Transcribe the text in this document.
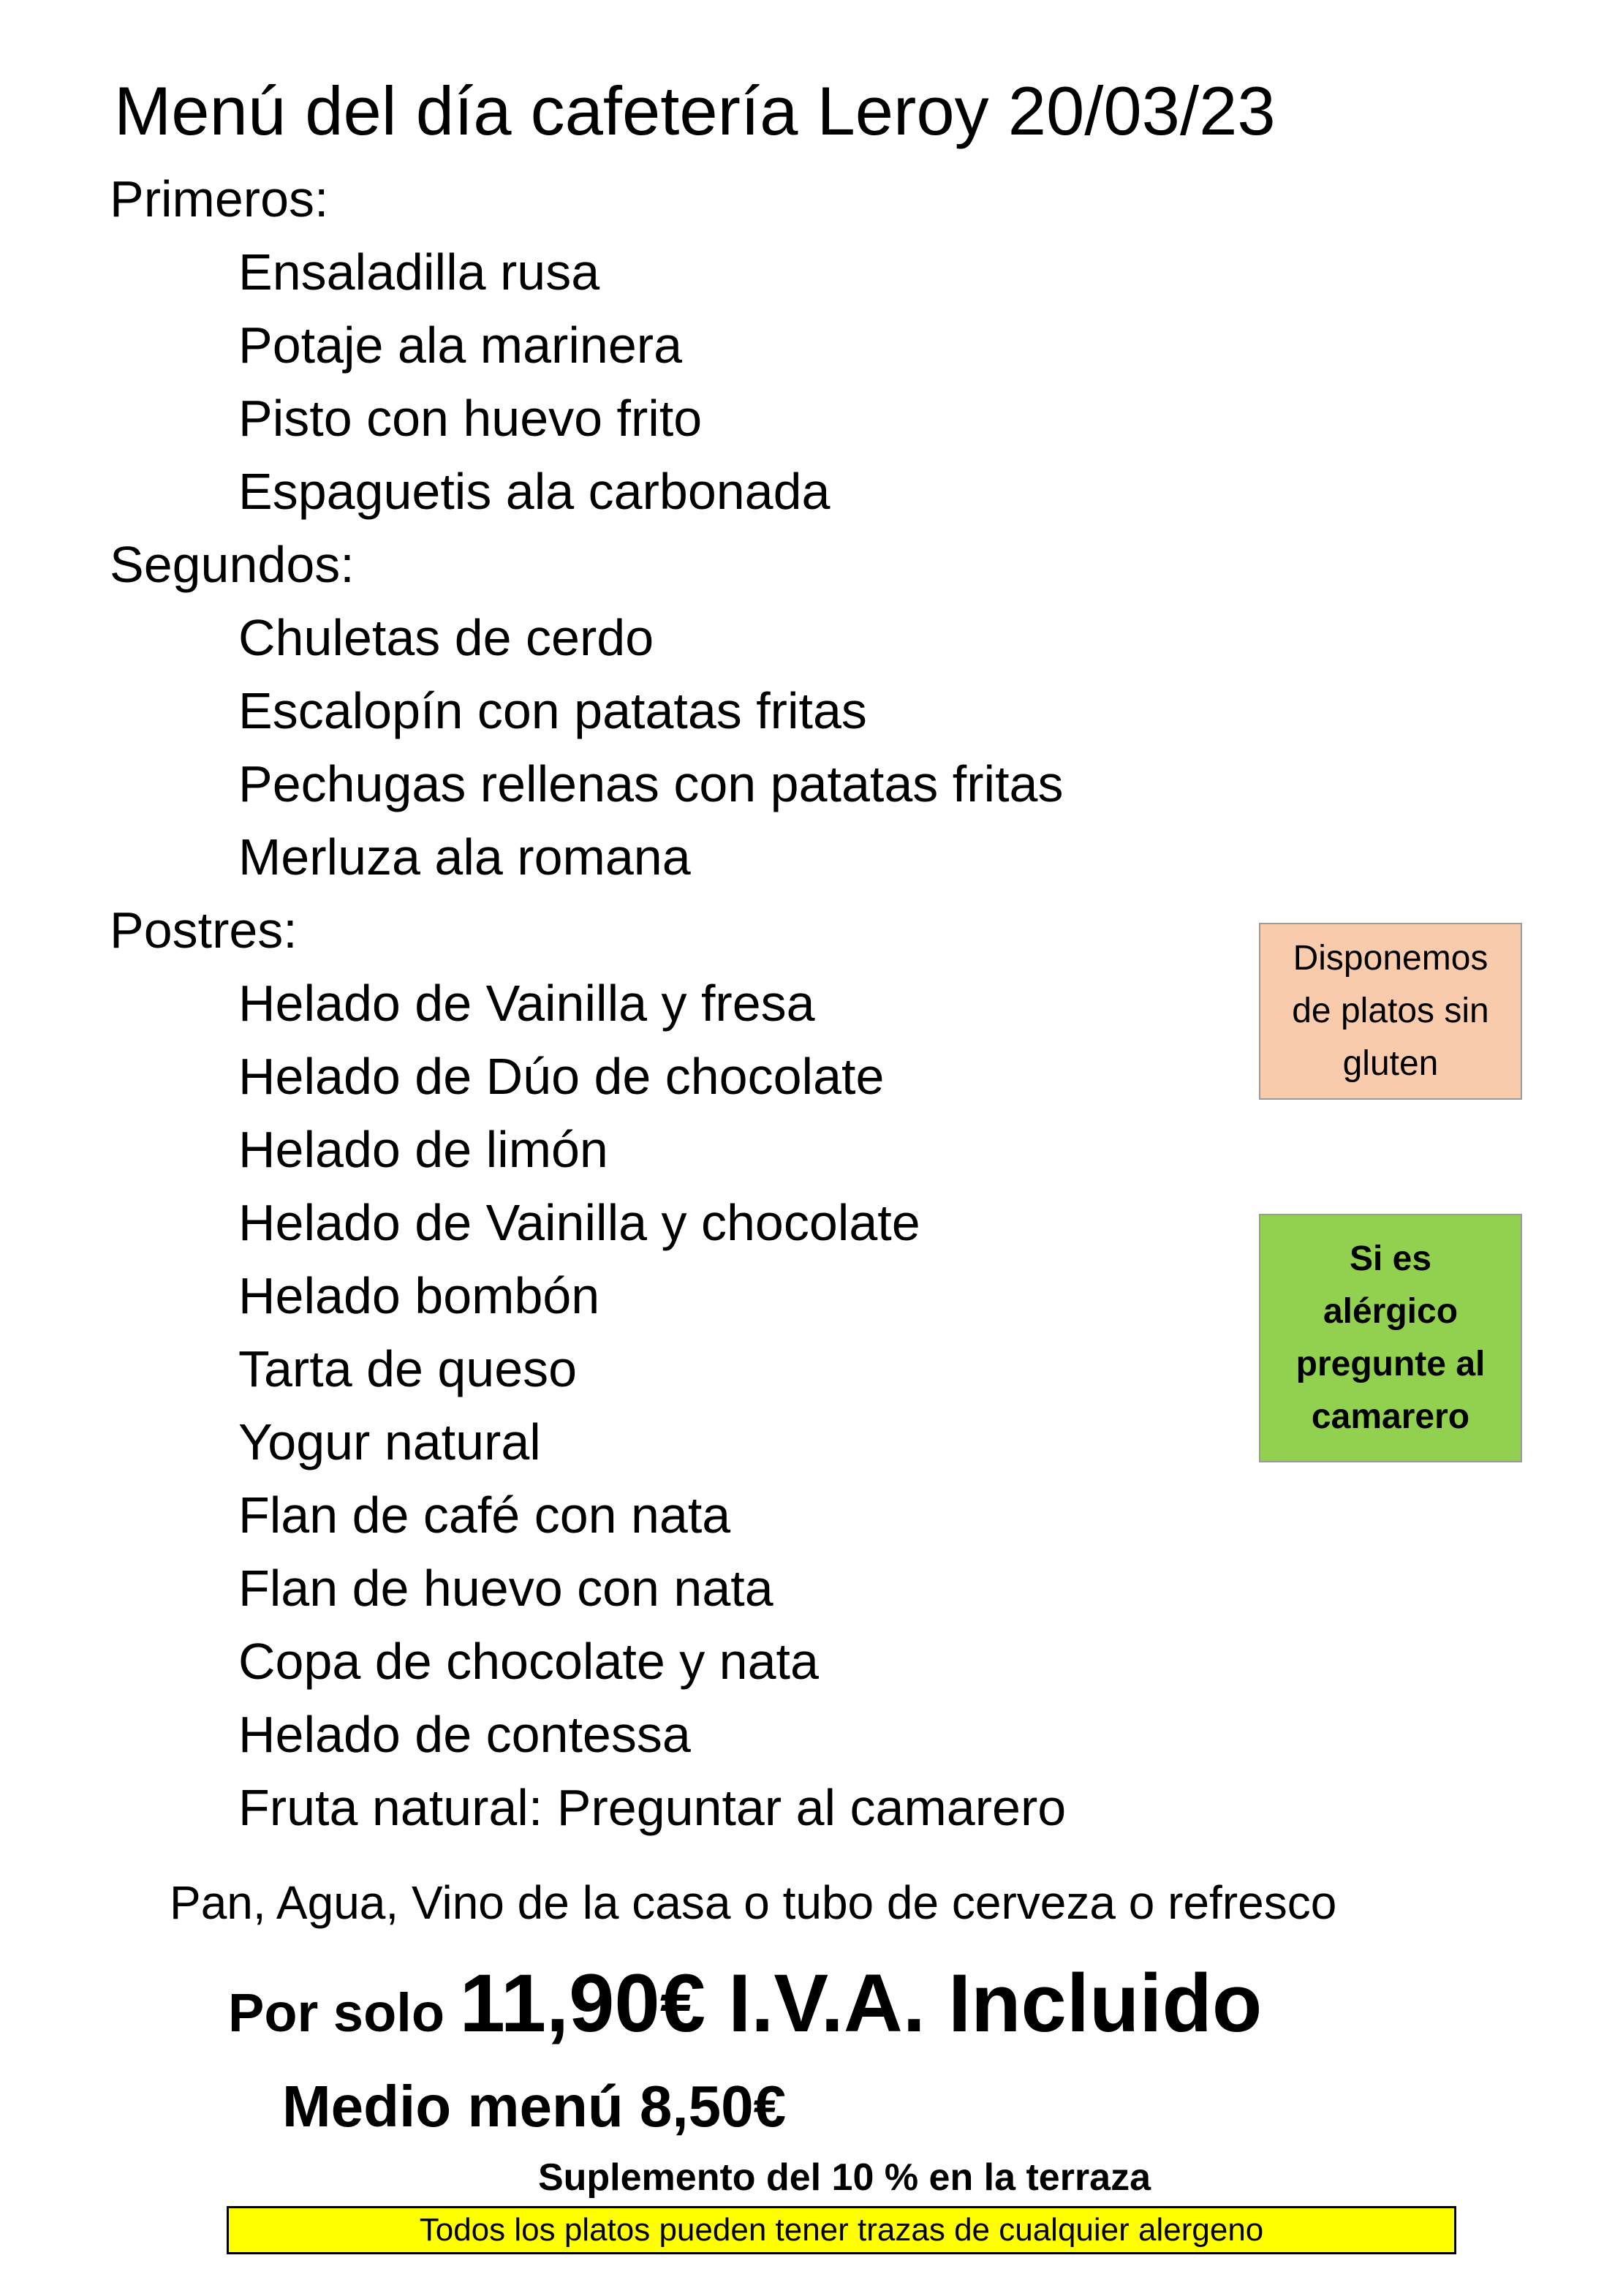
Menú del día cafetería Leroy 20/03/23
Primeros:
Ensaladilla rusa
Potaje ala marinera
Pisto con huevo frito
Espaguetis ala carbonada
Segundos:
Chuletas de cerdo
Escalopín con patatas fritas
Pechugas rellenas con patatas fritas
Merluza ala romana
Postres:
Helado de Vainilla y fresa
Helado de Dúo de chocolate
Helado de limón
Helado de Vainilla y chocolate
Helado bombón
Tarta de queso
Yogur natural
Flan de café con nata
Flan de huevo con nata
Copa de chocolate y nata
Helado de contessa
Fruta natural: Preguntar al camarero
Pan, Agua, Vino de la casa o tubo de cerveza o refresco
Por solo 11,90€ I.V.A. Incluido
Medio menú 8,50€
Suplemento del 10 % en la terraza
Todos los platos pueden tener trazas de cualquier alergeno
Disponemos
de platos sin
gluten
Si es
alérgico
pregunte al
camarero
